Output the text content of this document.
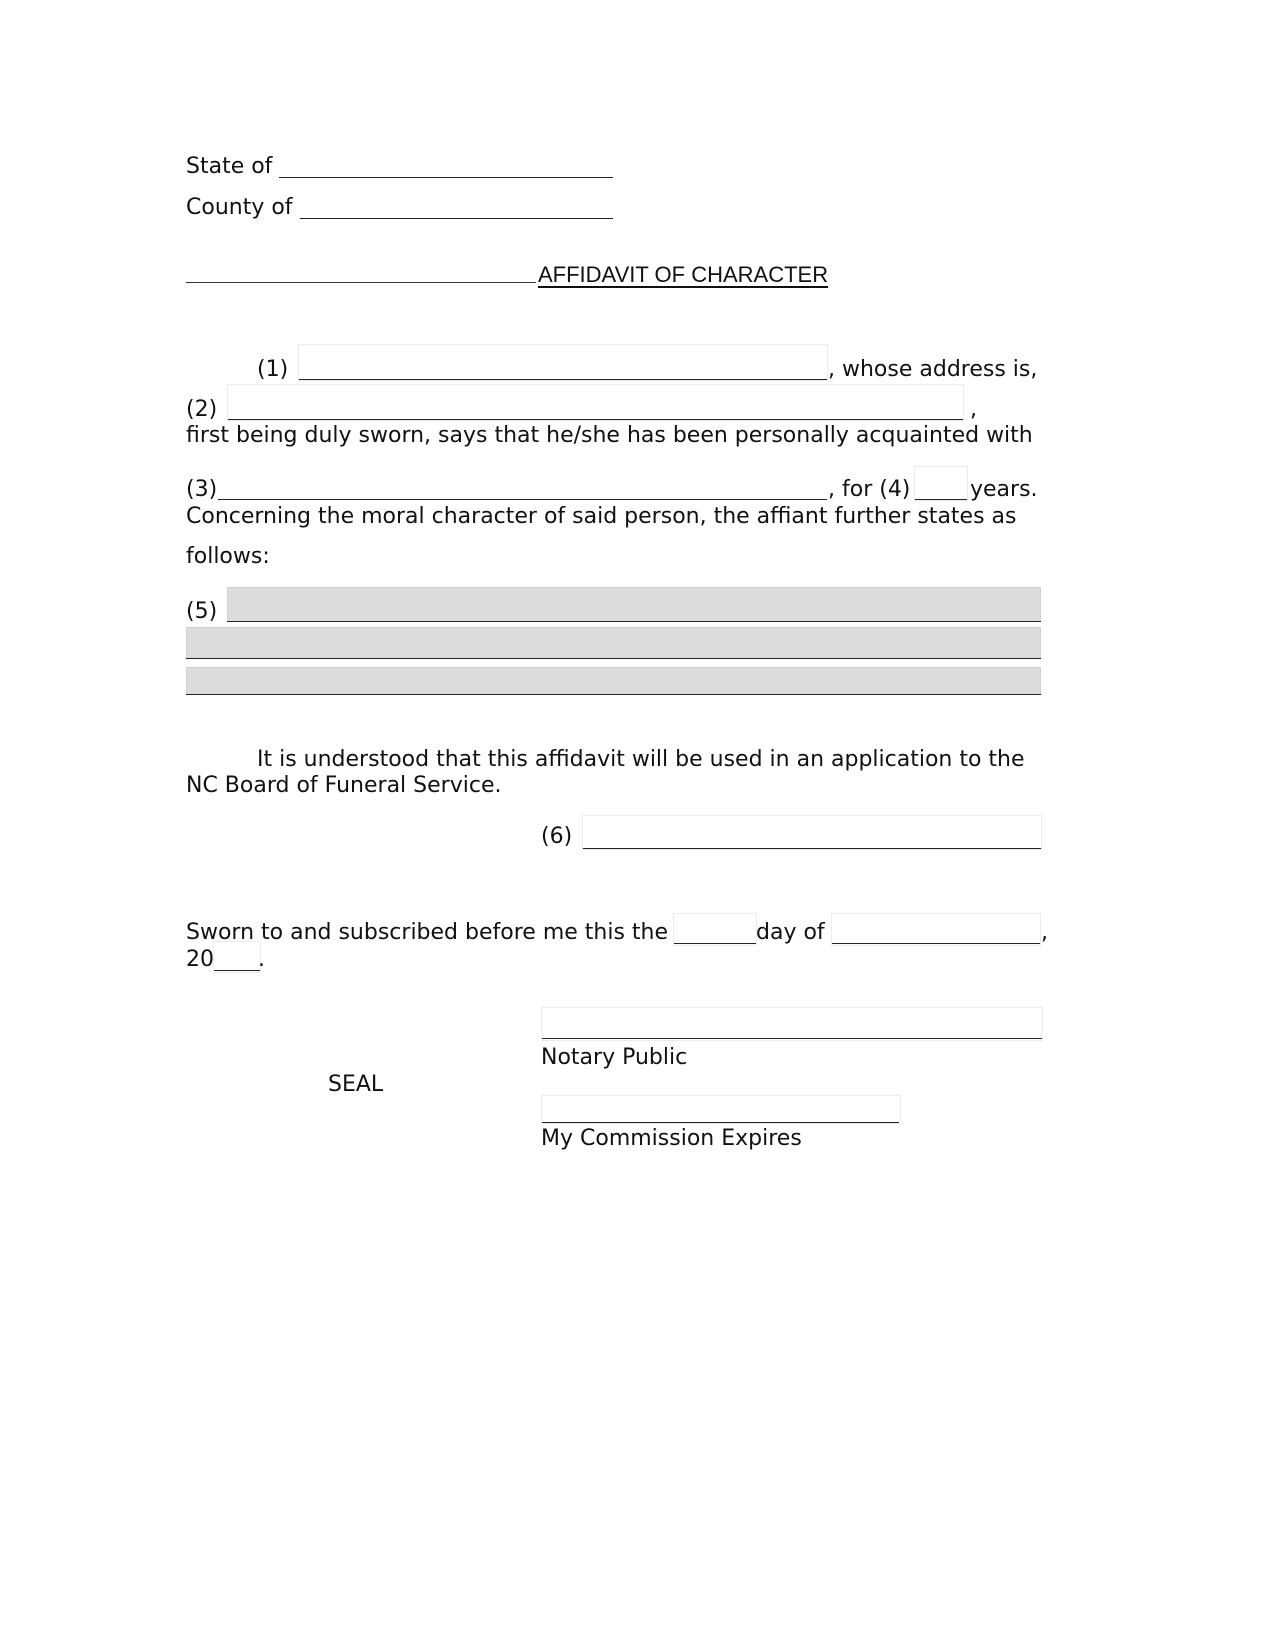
State of
County of
AFFIDAVIT OF CHARACTER
(1)	, whose address is,
(2)	,
first being duly sworn, says that he/she has been personally acquainted with
(3)	, for (4)	years.
Concerning the moral character of said person, the affiant further states as
follows:
(5)
It is understood that this affidavit will be used in an application to the
NC Board of Funeral Service.
(6)
Sworn to and subscribed before me this the	day of	,
20 .
Notary Public
SEAL
My Commission Expires
